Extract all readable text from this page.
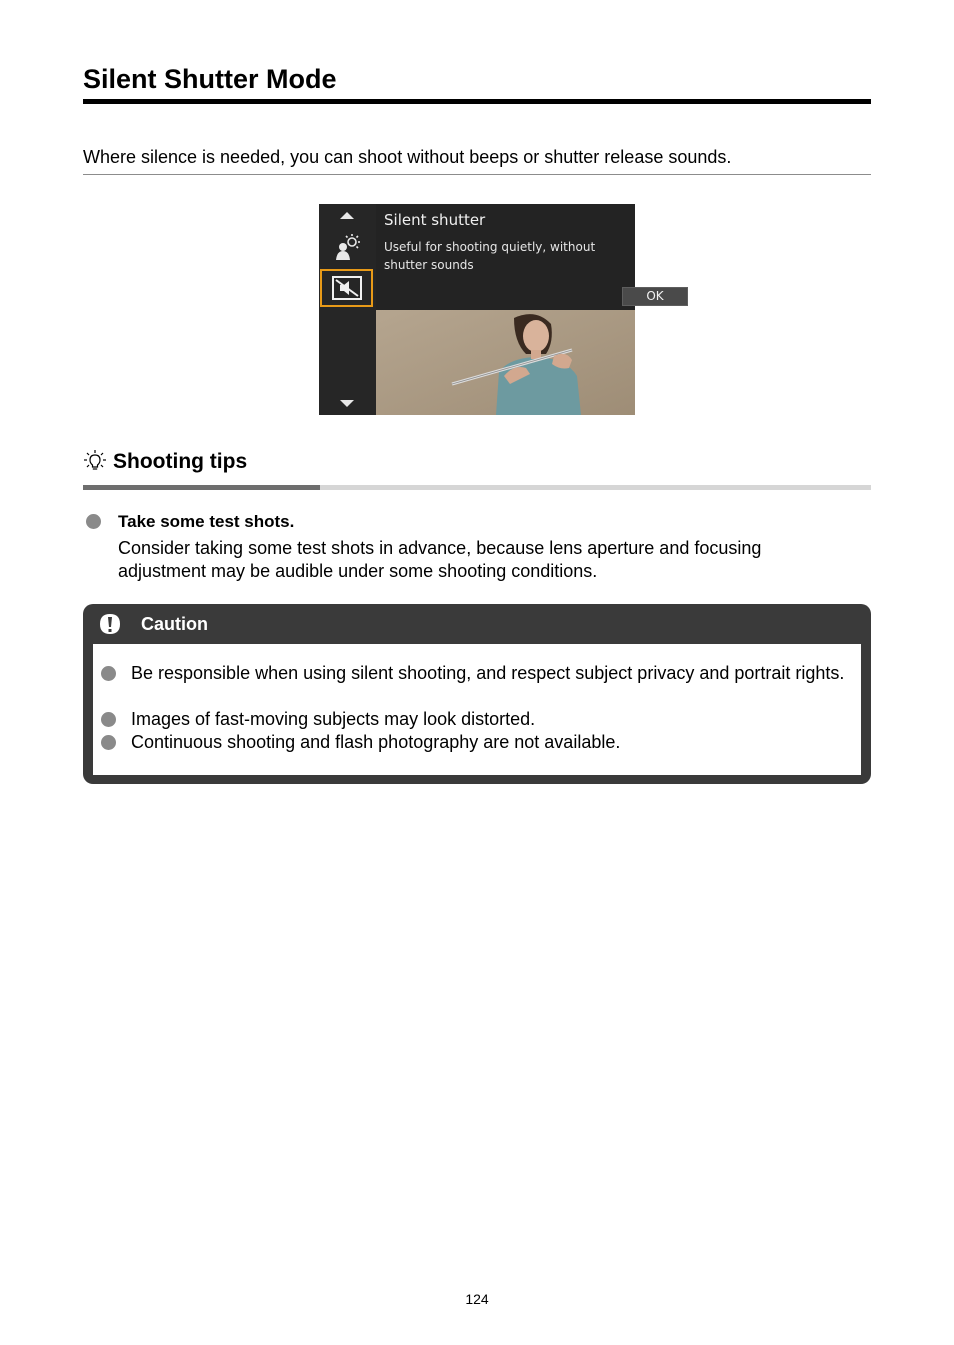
Silent Shutter Mode

Where silence is needed, you can shoot without beeps or shutter release sounds.

Silent shutter

Useful for shooting quietly, without shutter sounds

OK
Shooting tips

Take some test shots.

Consider taking some test shots in advance, because lens aperture and focusing adjustment may be audible under some shooting conditions.

Caution

Be responsible when using silent shooting, and respect subject privacy and portrait rights.

Images of fast-moving subjects may look distorted.

Continuous shooting and flash photography are not available.

124
